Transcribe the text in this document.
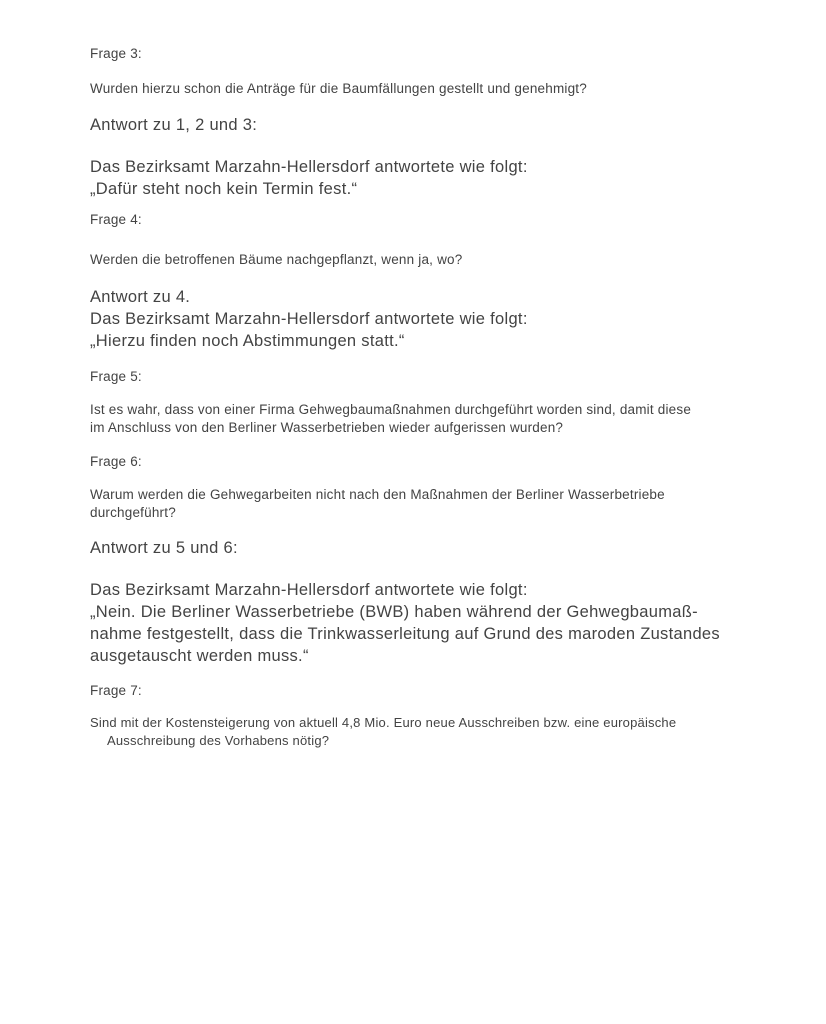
Frage 3:

Wurden hierzu schon die Anträge für die Baumfällungen gestellt und genehmigt?

Antwort zu 1, 2 und 3:

Das Bezirksamt Marzahn-Hellersdorf antwortete wie folgt:
„Dafür steht noch kein Termin fest.“

Frage 4:

Werden die betroffenen Bäume nachgepflanzt, wenn ja, wo?
Antwort zu 4.
Das Bezirksamt Marzahn-Hellersdorf antwortete wie folgt:
„Hierzu finden noch Abstimmungen statt.“

Frage 5:

Ist es wahr, dass von einer Firma Gehwegbaumaßnahmen durchgeführt worden sind, damit diese
im Anschluss von den Berliner Wasserbetrieben wieder aufgerissen wurden?

Frage 6:

Warum werden die Gehwegarbeiten nicht nach den Maßnahmen der Berliner Wasserbetriebe
durchgeführt?

Antwort zu 5 und 6:

Das Bezirksamt Marzahn-Hellersdorf antwortete wie folgt:
„Nein. Die Berliner Wasserbetriebe (BWB) haben während der Gehwegbaumaß-
nahme festgestellt, dass die Trinkwasserleitung auf Grund des maroden Zustandes
ausgetauscht werden muss.“

Frage 7:

Sind mit der Kostensteigerung von aktuell 4,8 Mio. Euro neue Ausschreiben bzw. eine europäische
Ausschreibung des Vorhabens nötig?
